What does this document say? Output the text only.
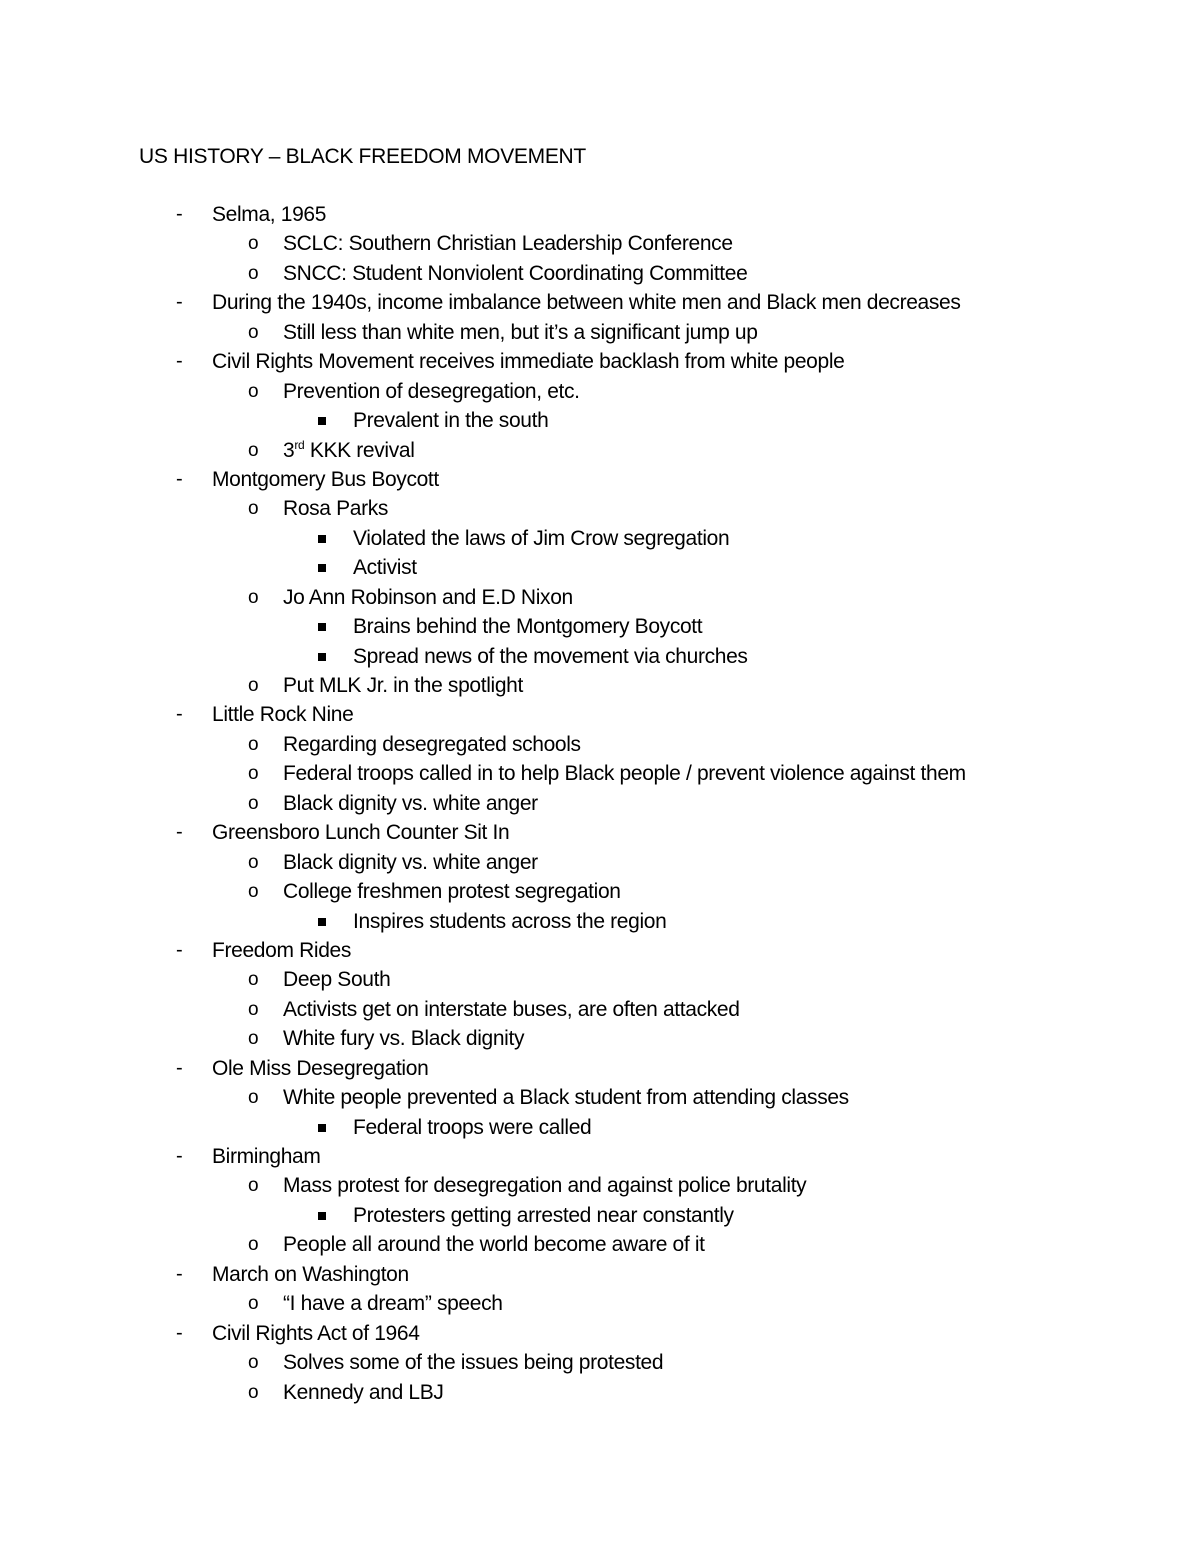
US HISTORY – BLACK FREEDOM MOVEMENT
- Selma, 1965
o SCLC: Southern Christian Leadership Conference
o SNCC: Student Nonviolent Coordinating Committee
- During the 1940s, income imbalance between white men and Black men decreases
o Still less than white men, but it’s a significant jump up
- Civil Rights Movement receives immediate backlash from white people
o Prevention of desegregation, etc.
Prevalent in the south
o 3rd KKK revival
- Montgomery Bus Boycott
o Rosa Parks
Violated the laws of Jim Crow segregation
Activist
o Jo Ann Robinson and E.D Nixon
Brains behind the Montgomery Boycott
Spread news of the movement via churches
o Put MLK Jr. in the spotlight
- Little Rock Nine
o Regarding desegregated schools
o Federal troops called in to help Black people / prevent violence against them
o Black dignity vs. white anger
- Greensboro Lunch Counter Sit In
o Black dignity vs. white anger
o College freshmen protest segregation
Inspires students across the region
- Freedom Rides
o Deep South
o Activists get on interstate buses, are often attacked
o White fury vs. Black dignity
- Ole Miss Desegregation
o White people prevented a Black student from attending classes
Federal troops were called
- Birmingham
o Mass protest for desegregation and against police brutality
Protesters getting arrested near constantly
o People all around the world become aware of it
- March on Washington
o “I have a dream” speech
- Civil Rights Act of 1964
o Solves some of the issues being protested
o Kennedy and LBJ
